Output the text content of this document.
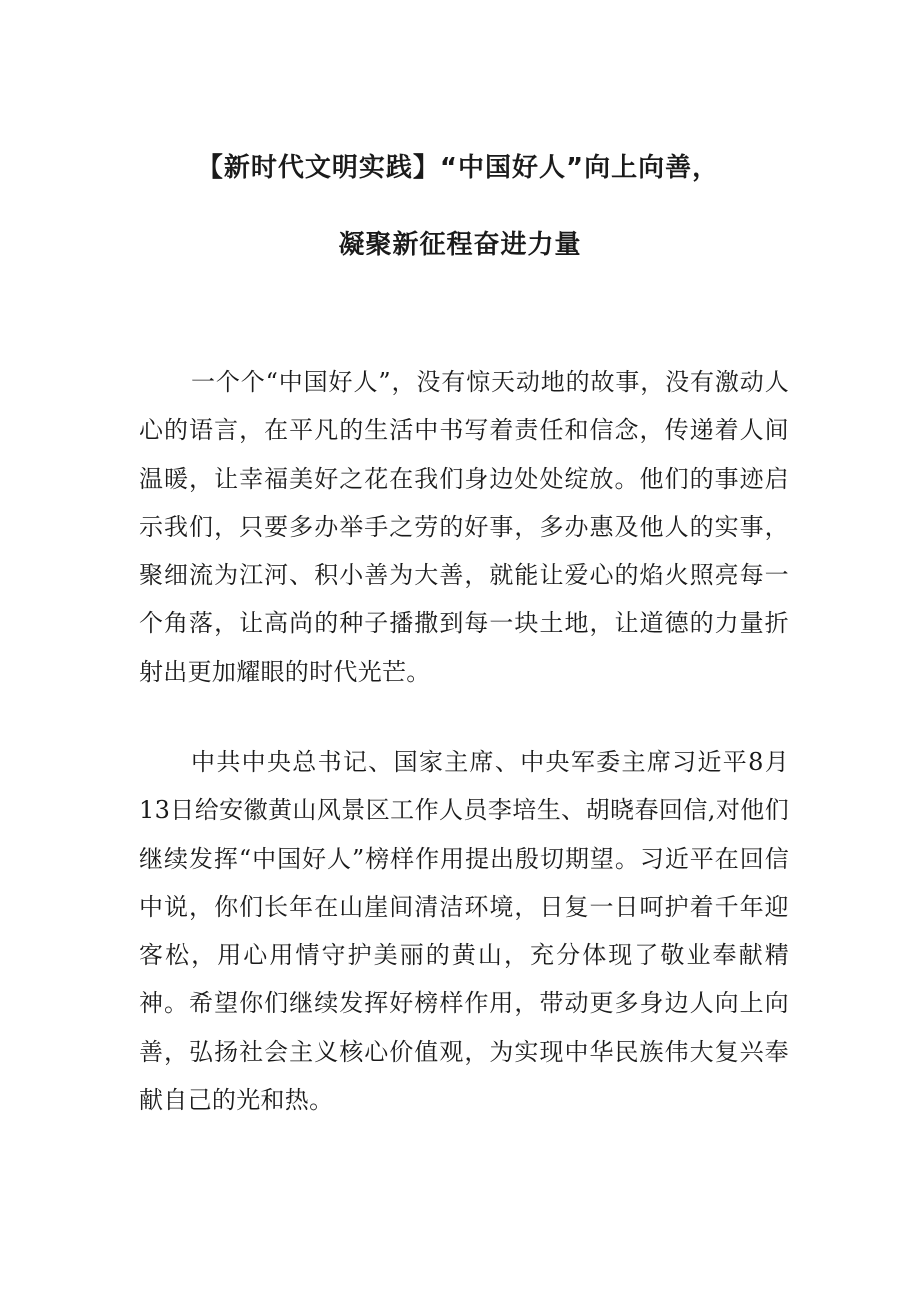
【新时代文明实践】“中国好人”向上向善，
凝聚新征程奋进力量

一个个“中国好人”，没有惊天动地的故事，没有激动人心的语言，在平凡的生活中书写着责任和信念，传递着人间温暖，让幸福美好之花在我们身边处处绽放。他们的事迹启示我们，只要多办举手之劳的好事，多办惠及他人的实事，聚细流为江河、积小善为大善，就能让爱心的焰火照亮每一个角落，让高尚的种子播撒到每一块土地，让道德的力量折射出更加耀眼的时代光芒。

中共中央总书记、国家主席、中央军委主席习近平8月13日给安徽黄山风景区工作人员李培生、胡晓春回信,对他们继续发挥“中国好人”榜样作用提出殷切期望。习近平在回信中说，你们长年在山崖间清洁环境，日复一日呵护着千年迎客松，用心用情守护美丽的黄山，充分体现了敬业奉献精神。希望你们继续发挥好榜样作用，带动更多身边人向上向善，弘扬社会主义核心价值观，为实现中华民族伟大复兴奉献自己的光和热。
